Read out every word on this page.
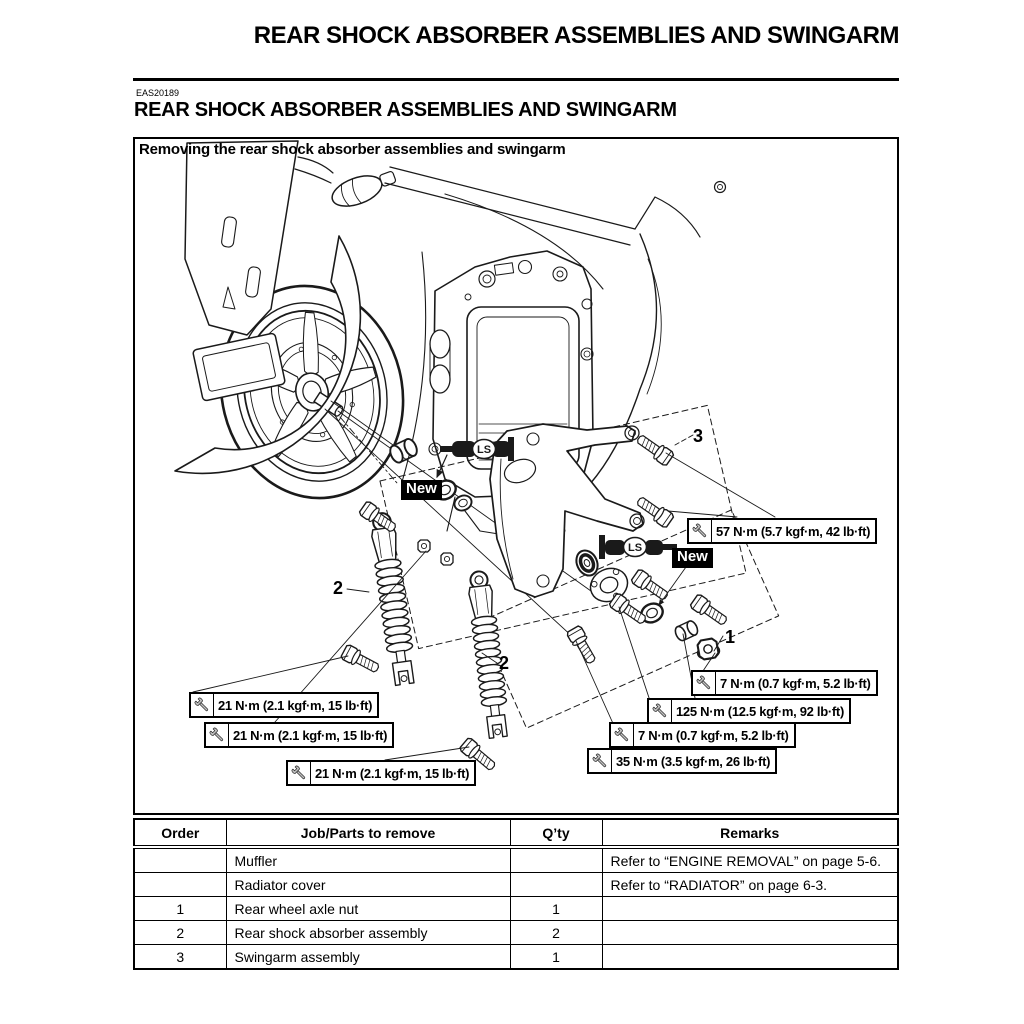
REAR SHOCK ABSORBER ASSEMBLIES AND SWINGARM
EAS20189
REAR SHOCK ABSORBER ASSEMBLIES AND SWINGARM
Removing the rear shock absorber assemblies and swingarm
LS
LS
57 N·m (5.7 kgf·m, 42 lb·ft)
7 N·m (0.7 kgf·m, 5.2 lb·ft)
125 N·m (12.5 kgf·m, 92 lb·ft)
7 N·m (0.7 kgf·m, 5.2 lb·ft)
35 N·m (3.5 kgf·m, 26 lb·ft)
21 N·m (2.1 kgf·m, 15 lb·ft)
21 N·m (2.1 kgf·m, 15 lb·ft)
21 N·m (2.1 kgf·m, 15 lb·ft)
New
New
3
1
2
2
Order	Job/Parts to remove	Q’ty	Remarks
	Muffler		Refer to “ENGINE REMOVAL” on page 5-6.
	Radiator cover		Refer to “RADIATOR” on page 6-3.
1	Rear wheel axle nut	1	
2	Rear shock absorber assembly	2	
3	Swingarm assembly	1	
